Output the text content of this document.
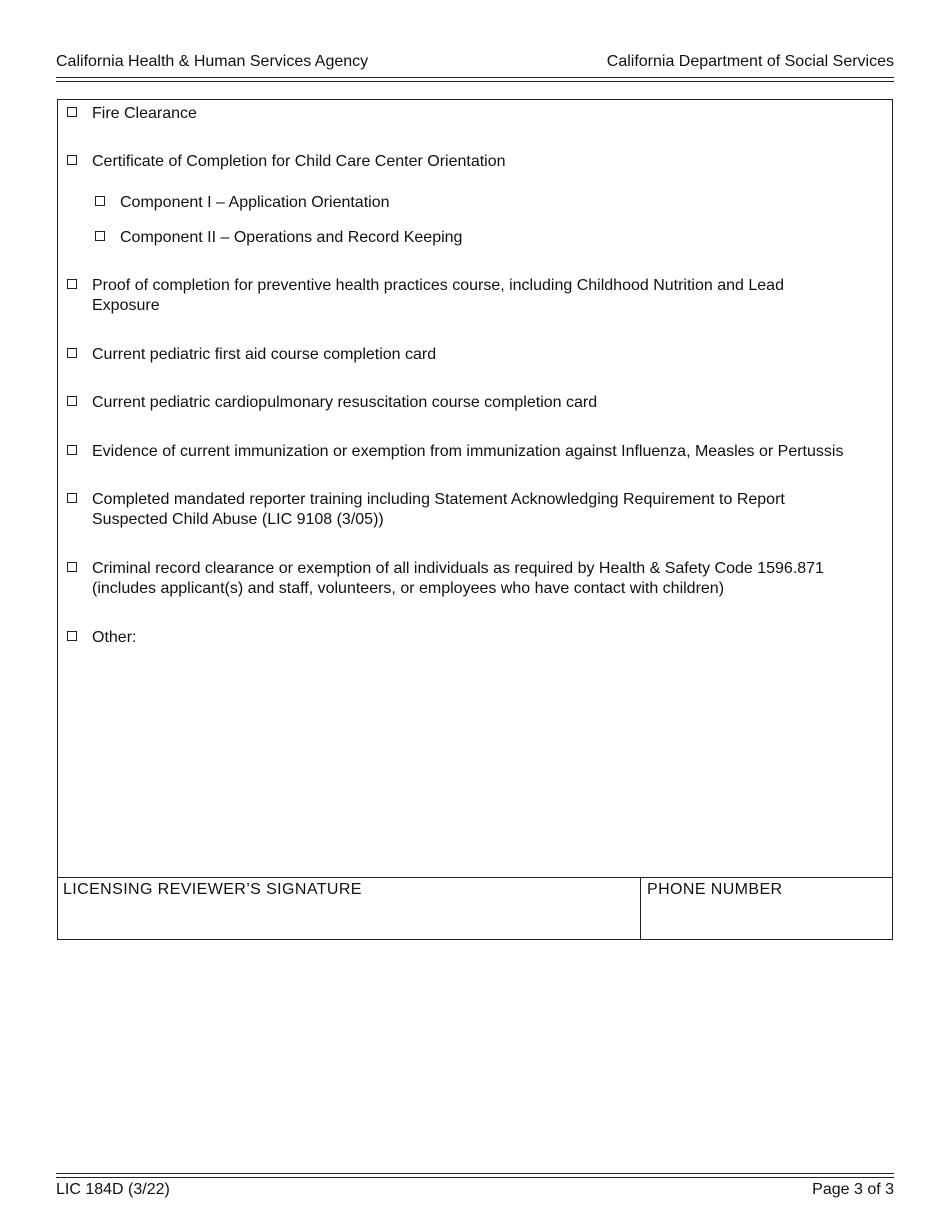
California Health & Human Services Agency	California Department of Social Services
Fire Clearance
Certificate of Completion for Child Care Center Orientation
Component I – Application Orientation
Component II – Operations and Record Keeping
Proof of completion for preventive health practices course, including Childhood Nutrition and Lead
Exposure
Current pediatric first aid course completion card
Current pediatric cardiopulmonary resuscitation course completion card
Evidence of current immunization or exemption from immunization against Influenza, Measles or Pertussis
Completed mandated reporter training including Statement Acknowledging Requirement to Report
Suspected Child Abuse (LIC 9108 (3/05))
Criminal record clearance or exemption of all individuals as required by Health & Safety Code 1596.871
(includes applicant(s) and staff, volunteers, or employees who have contact with children)
Other:
LICENSING REVIEWER’S SIGNATURE	PHONE NUMBER
LIC 184D (3/22)	Page 3 of 3
